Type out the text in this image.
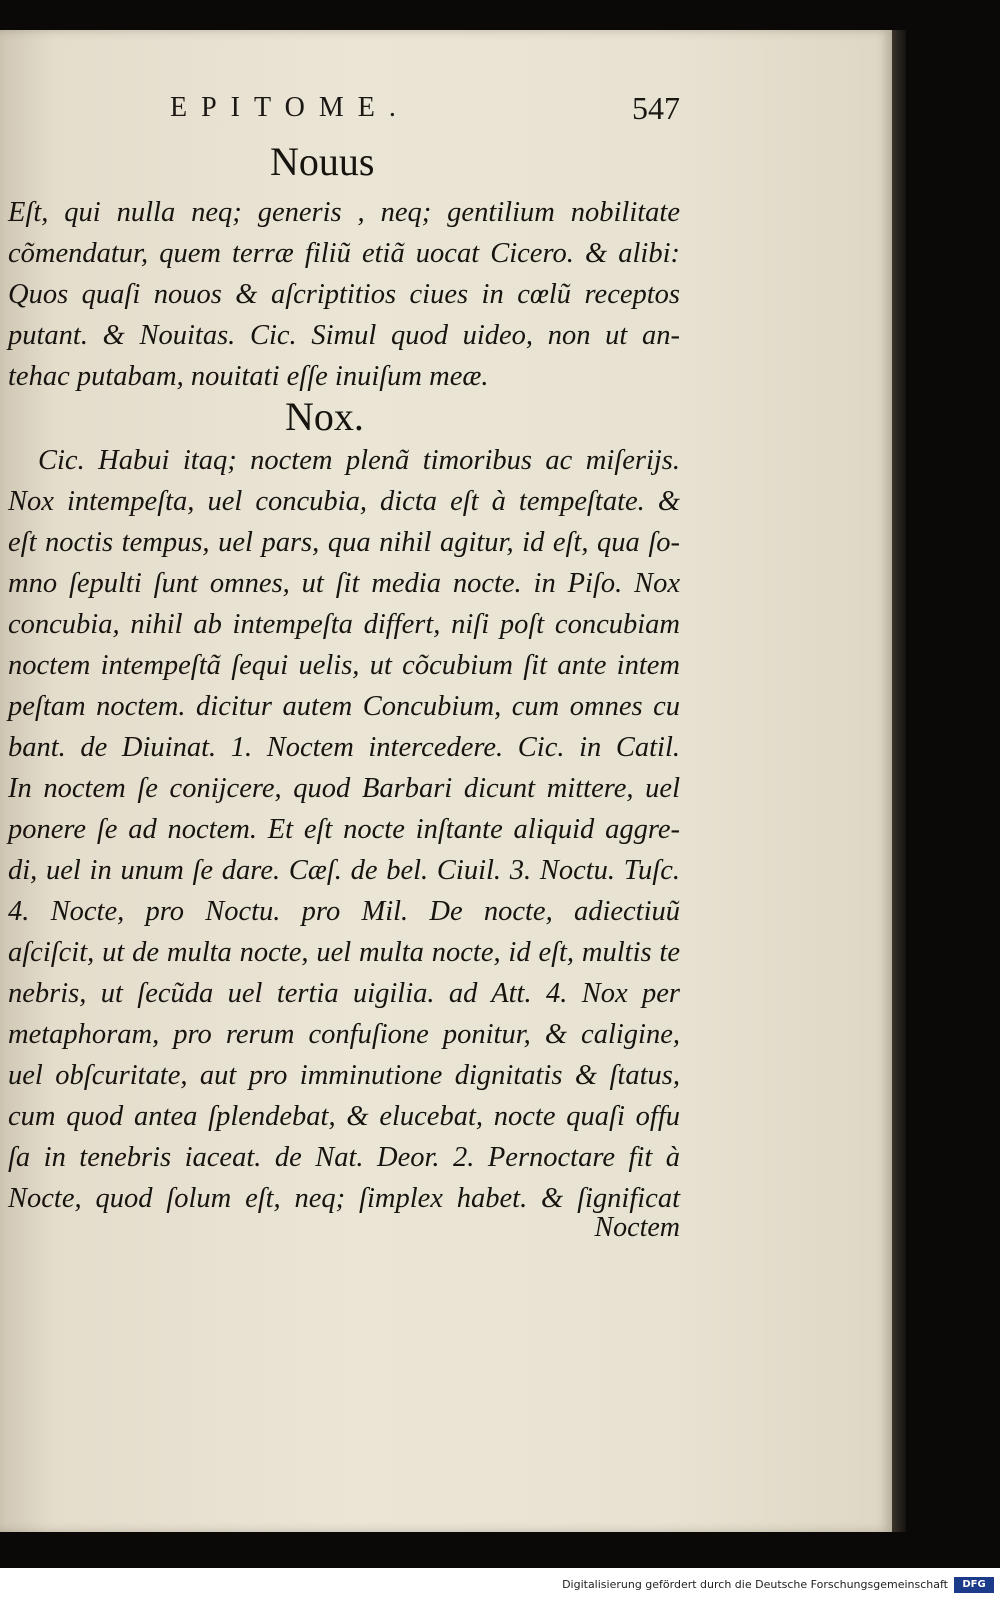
EPITOME.	547
Nouus
Eſt, qui nulla neq; generis , neq; gentilium nobilitate
cõmendatur, quem terræ filiũ etiã uocat Cicero. & alibi:
Quos quaſi nouos & aſcriptitios ciues in cœlũ receptos
putant. & Nouitas. Cic. Simul quod uideo, non ut an-
tehac putabam, nouitati eſſe inuiſum meæ.
Nox.
Cic. Habui itaq; noctem plenã timoribus ac miſerijs.
Nox intempeſta, uel concubia, dicta eſt à tempeſtate. &
eſt noctis tempus, uel pars, qua nihil agitur, id eſt, qua ſo-
mno ſepulti ſunt omnes, ut ſit media nocte. in Piſo. Nox
concubia, nihil ab intempeſta differt, niſi poſt concubiam
noctem intempeſtã ſequi uelis, ut cõcubium ſit ante intem
peſtam noctem. dicitur autem Concubium, cum omnes cu
bant. de Diuinat. 1. Noctem intercedere. Cic. in Catil.
In noctem ſe conijcere, quod Barbari dicunt mittere, uel
ponere ſe ad noctem. Et eſt nocte inſtante aliquid aggre-
di, uel in unum ſe dare. Cæſ. de bel. Ciuil. 3. Noctu. Tuſc.
4. Nocte, pro Noctu. pro Mil. De nocte, adiectiuũ
aſciſcit, ut de multa nocte, uel multa nocte, id eſt, multis te
nebris, ut ſecũda uel tertia uigilia. ad Att. 4. Nox per
metaphoram, pro rerum confuſione ponitur, & caligine,
uel obſcuritate, aut pro imminutione dignitatis & ſtatus,
cum quod antea ſplendebat, & elucebat, nocte quaſi offu
ſa in tenebris iaceat. de Nat. Deor. 2. Pernoctare fit à
Nocte, quod ſolum eſt, neq; ſimplex habet. & ſignificat
Noctem
Digitalisierung gefördert durch die Deutsche Forschungsgemeinschaft	DFG
